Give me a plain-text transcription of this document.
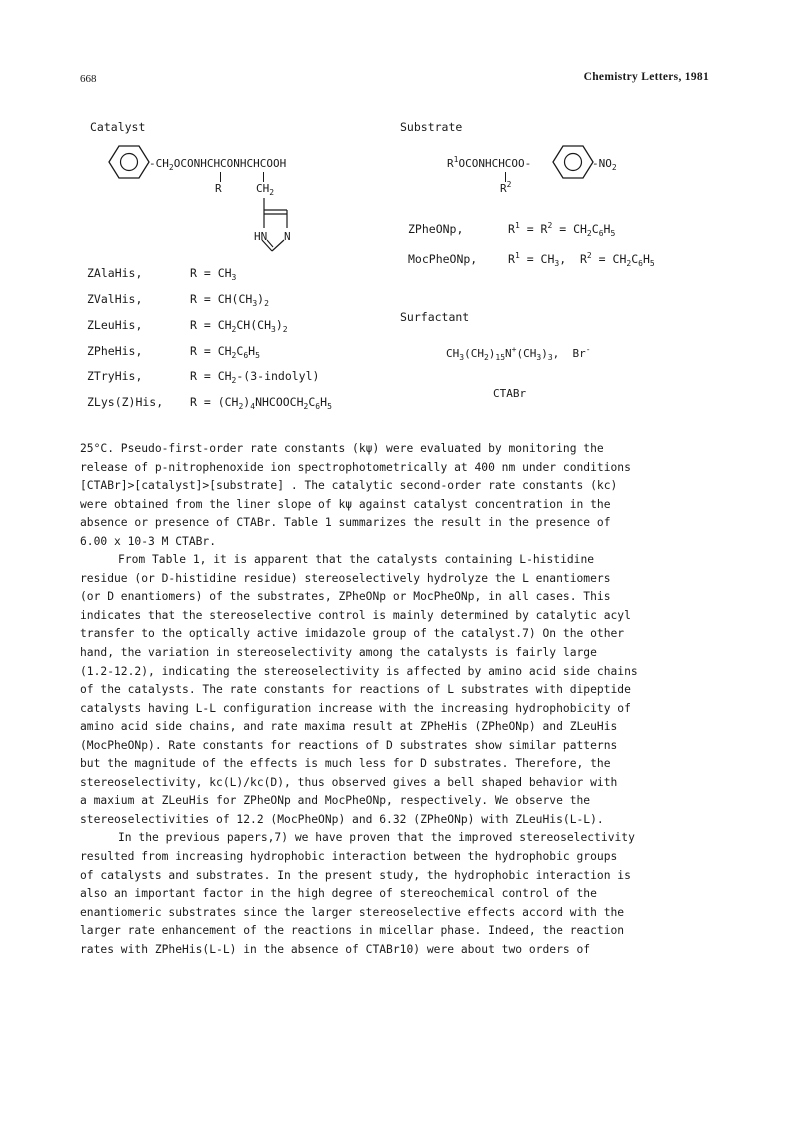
668	Chemistry Letters, 1981
Catalyst
$-CH_2OCONHCHCONHCHCOOH$
R	$CH_2$
HN N
ZAlaHis,	$R = CH_3$
ZValHis,	$R = CH(CH_3)_2$
ZLeuHis,	$R = CH_2CH(CH_3)_2$
ZPheHis,	$R = CH_2C_6H_5$
ZTryHis,	$R = CH_2-(3-indolyl)$
ZLys(Z)His, $R = (CH_2)_4NHCOOCH_2C_6H_5$
Substrate
$R^1OCONHCHCOO-$	$-NO_2$
$R^2$
ZPheONp,	$R^1 = R^2 = CH_2C_6H_5$
MocPheONp,	$R^1 = CH_3$,  $R^2 = CH_2C_6H_5$
Surfactant
$CH_3(CH_2)_{15}N^+(CH_3)_3$,  Br-
CTABr

25°C. Pseudo-first-order rate constants (kψ) were evaluated by monitoring the
release of p-nitrophenoxide ion spectrophotometrically at 400 nm under conditions
[CTABr]>[catalyst]>[substrate] . The catalytic second-order rate constants (kc)
were obtained from the liner slope of kψ against catalyst concentration in the
absence or presence of CTABr. Table 1 summarizes the result in the presence of
6.00 x 10-3 M CTABr.

From Table 1, it is apparent that the catalysts containing L-histidine
residue (or D-histidine residue) stereoselectively hydrolyze the L enantiomers
(or D enantiomers) of the substrates, ZPheONp or MocPheONp, in all cases. This
indicates that the stereoselective control is mainly determined by catalytic acyl
transfer to the optically active imidazole group of the catalyst.7) On the other
hand, the variation in stereoselectivity among the catalysts is fairly large
(1.2-12.2), indicating the stereoselectivity is affected by amino acid side chains
of the catalysts. The rate constants for reactions of L substrates with dipeptide
catalysts having L-L configuration increase with the increasing hydrophobicity of
amino acid side chains, and rate maxima result at ZPheHis (ZPheONp) and ZLeuHis
(MocPheONp). Rate constants for reactions of D substrates show similar patterns
but the magnitude of the effects is much less for D substrates. Therefore, the
stereoselectivity, kc(L)/kc(D), thus observed gives a bell shaped behavior with
a maxium at ZLeuHis for ZPheONp and MocPheONp, respectively. We observe the
stereoselectivities of 12.2 (MocPheONp) and 6.32 (ZPheONp) with ZLeuHis(L-L).

In the previous papers,7) we have proven that the improved stereoselectivity
resulted from increasing hydrophobic interaction between the hydrophobic groups
of catalysts and substrates. In the present study, the hydrophobic interaction is
also an important factor in the high degree of stereochemical control of the
enantiomeric substrates since the larger stereoselective effects accord with the
larger rate enhancement of the reactions in micellar phase. Indeed, the reaction
rates with ZPheHis(L-L) in the absence of CTABr10) were about two orders of
